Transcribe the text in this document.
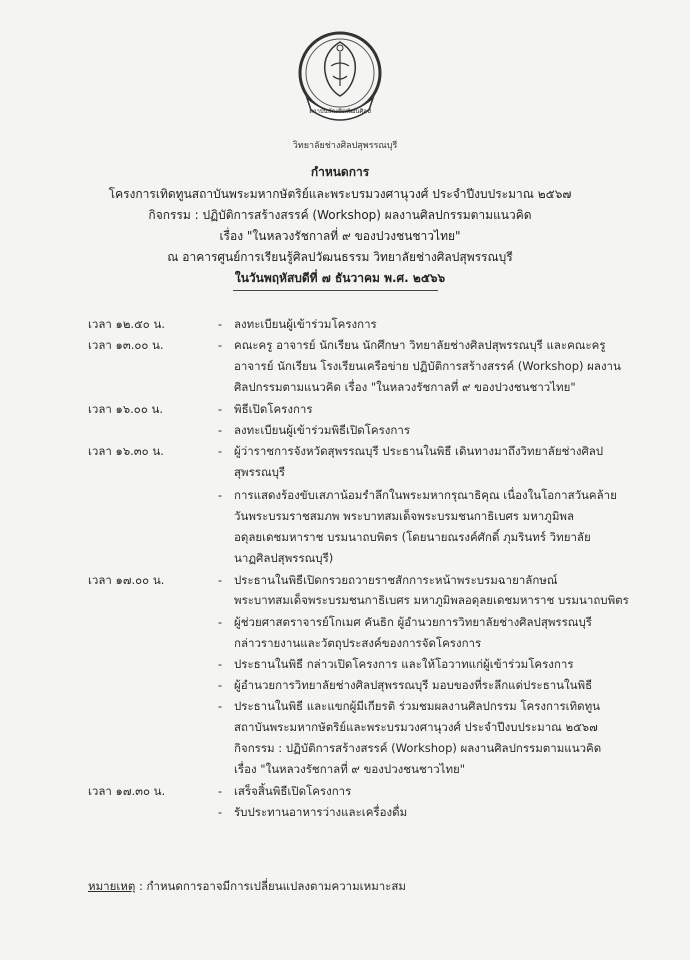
สถาบันบัณฑิตพัฒนศิลป์
วิทยาลัยช่างศิลปสุพรรณบุรี
กำหนดการ
โครงการเทิดทูนสถาบันพระมหากษัตริย์และพระบรมวงศานุวงศ์ ประจำปีงบประมาณ ๒๕๖๗
กิจกรรม : ปฏิบัติการสร้างสรรค์ (Workshop) ผลงานศิลปกรรมตามแนวคิด
เรื่อง "ในหลวงรัชกาลที่ ๙ ของปวงชนชาวไทย"
ณ อาคารศูนย์การเรียนรู้ศิลปวัฒนธรรม วิทยาลัยช่างศิลปสุพรรณบุรี
ในวันพฤหัสบดีที่ ๗ ธันวาคม พ.ศ. ๒๕๖๖
เวลา ๑๒.๕๐ น.	- ลงทะเบียนผู้เข้าร่วมโครงการ
เวลา ๑๓.๐๐ น.	- คณะครู อาจารย์ นักเรียน นักศึกษา วิทยาลัยช่างศิลปสุพรรณบุรี และคณะครู
อาจารย์ นักเรียน โรงเรียนเครือข่าย ปฏิบัติการสร้างสรรค์ (Workshop) ผลงาน
ศิลปกรรมตามแนวคิด เรื่อง "ในหลวงรัชกาลที่ ๙ ของปวงชนชาวไทย"
เวลา ๑๖.๐๐ น.	- พิธีเปิดโครงการ
- ลงทะเบียนผู้เข้าร่วมพิธีเปิดโครงการ
เวลา ๑๖.๓๐ น.	- ผู้ว่าราชการจังหวัดสุพรรณบุรี ประธานในพิธี เดินทางมาถึงวิทยาลัยช่างศิลป
สุพรรณบุรี
- การแสดงร้องขับเสภาน้อมรำลึกในพระมหากรุณาธิคุณ เนื่องในโอกาสวันคล้าย
วันพระบรมราชสมภพ พระบาทสมเด็จพระบรมชนกาธิเบศร มหาภูมิพล
อดุลยเดชมหาราช บรมนาถบพิตร (โดยนายณรงค์ศักดิ์ ภุมรินทร์ วิทยาลัย
นาฏศิลปสุพรรณบุรี)
เวลา ๑๗.๐๐ น.	- ประธานในพิธีเปิดกรวยถวายราชสักการะหน้าพระบรมฉายาลักษณ์
พระบาทสมเด็จพระบรมชนกาธิเบศร มหาภูมิพลอดุลยเดชมหาราช บรมนาถบพิตร
- ผู้ช่วยศาสตราจารย์โกเมศ คันธิก ผู้อำนวยการวิทยาลัยช่างศิลปสุพรรณบุรี
กล่าวรายงานและวัตถุประสงค์ของการจัดโครงการ
- ประธานในพิธี กล่าวเปิดโครงการ และให้โอวาทแก่ผู้เข้าร่วมโครงการ
- ผู้อำนวยการวิทยาลัยช่างศิลปสุพรรณบุรี มอบของที่ระลึกแด่ประธานในพิธี
- ประธานในพิธี และแขกผู้มีเกียรติ ร่วมชมผลงานศิลปกรรม โครงการเทิดทูน
สถาบันพระมหากษัตริย์และพระบรมวงศานุวงศ์ ประจำปีงบประมาณ ๒๕๖๗
กิจกรรม : ปฏิบัติการสร้างสรรค์ (Workshop) ผลงานศิลปกรรมตามแนวคิด
เรื่อง "ในหลวงรัชกาลที่ ๙ ของปวงชนชาวไทย"
เวลา ๑๗.๓๐ น.	- เสร็จสิ้นพิธีเปิดโครงการ
- รับประทานอาหารว่างและเครื่องดื่ม
หมายเหตุ : กำหนดการอาจมีการเปลี่ยนแปลงตามความเหมาะสม
